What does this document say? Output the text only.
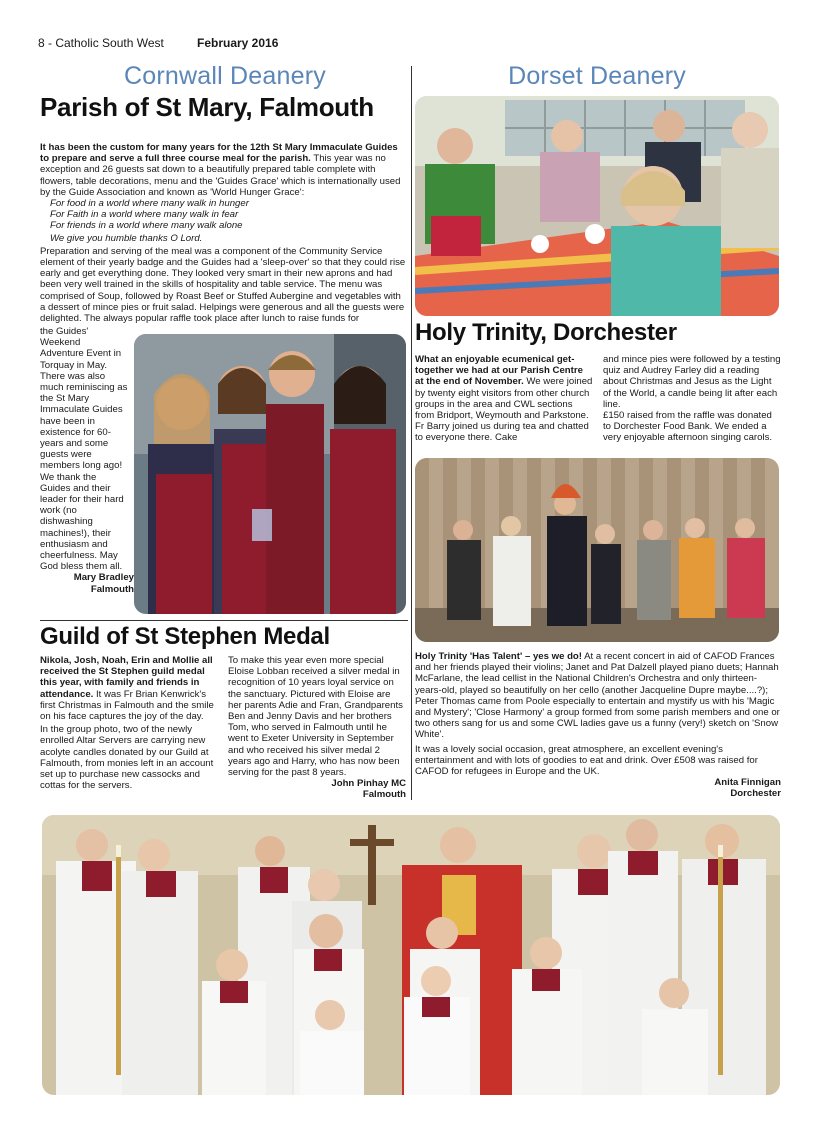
8 - Catholic South West	February 2016
Cornwall Deanery
Parish of St Mary, Falmouth

It has been the custom for many years for the 12th St Mary Immaculate Guides to prepare and serve a full three course meal for the parish. This year was no exception and 26 guests sat down to a beautifully prepared table complete with flowers, table decorations, menu and the 'Guides Grace' which is internationally used by the Guide Association and known as 'World Hunger Grace':

For food in a world where many walk in hunger

For Faith in a world where many walk in fear

For friends in a world where many walk alone

We give you humble thanks O Lord.

Preparation and serving of the meal was a component of the Community Service element of their yearly badge and the Guides had a 'sleep-over' so that they could rise early and get everything done. They looked very smart in their new aprons and had been very well trained in the skills of hospitality and table service. The menu was comprised of Soup, followed by Roast Beef or Stuffed Aubergine and vegetables with a dessert of mince pies or fruit salad. Helpings were generous and all the guests were delighted. The always popular raffle took place after lunch to raise funds for

the Guides'
Weekend
Adventure Event in
Torquay in May.
There was also
much reminiscing as
the St Mary
Immaculate Guides
have been in
existence for 60-
years and some
guests were
members long ago!
We thank the
Guides and their
leader for their hard
work (no
dishwashing
machines!), their
enthusiasm and
cheerfulness. May
God bless them all.
Mary Bradley
Falmouth
Guild of St Stephen Medal

Nikola, Josh, Noah, Erin and Mollie all received the St Stephen guild medal this year, with family and friends in attendance. It was Fr Brian Kenwrick's first Christmas in Falmouth and the smile on his face captures the joy of the day.

In the group photo, two of the newly enrolled Altar Servers are carrying new acolyte candles donated by our Guild at Falmouth, from monies left in an account set up to purchase new cassocks and cottas for the servers.

To make this year even more special Eloise Lobban received a silver medal in recognition of 10 years loyal service on the sanctuary. Pictured with Eloise are her parents Adie and Fran, Grandparents Ben and Jenny Davis and her brothers Tom, who served in Falmouth until he went to Exeter University in September and who received his silver medal 2 years ago and Harry, who has now been serving for the past 8 years.

John Pinhay MC
Falmouth
Dorset Deanery
Holy Trinity, Dorchester

What an enjoyable ecumenical get-together we had at our Parish Centre at the end of November. We were joined by twenty eight visitors from other church groups in the area and CWL sections from Bridport, Weymouth and Parkstone. Fr Barry joined us during tea and chatted to everyone there. Cake

and mince pies were followed by a testing quiz and Audrey Farley did a reading about Christmas and Jesus as the Light of the World, a candle being lit after each line.

£150 raised from the raffle was donated to Dorchester Food Bank. We ended a very enjoyable afternoon singing carols.

Holy Trinity 'Has Talent' – yes we do! At a recent concert in aid of CAFOD Frances and her friends played their violins; Janet and Pat Dalzell played piano duets; Hannah McFarlane, the lead cellist in the National Children's Orchestra and only thirteen-years-old, played so beautifully on her cello (another Jacqueline Dupre maybe....?); Peter Thomas came from Poole especially to entertain and mystify us with his 'Magic and Mystery'; 'Close Harmony' a group formed from some parish members and one or two others sang for us and some CWL ladies gave us a funny (very!) sketch on 'Snow White'.

It was a lovely social occasion, great atmosphere, an excellent evening's entertainment and with lots of goodies to eat and drink. Over £508 was raised for CAFOD for refugees in Europe and the UK.

Anita Finnigan
Dorchester
